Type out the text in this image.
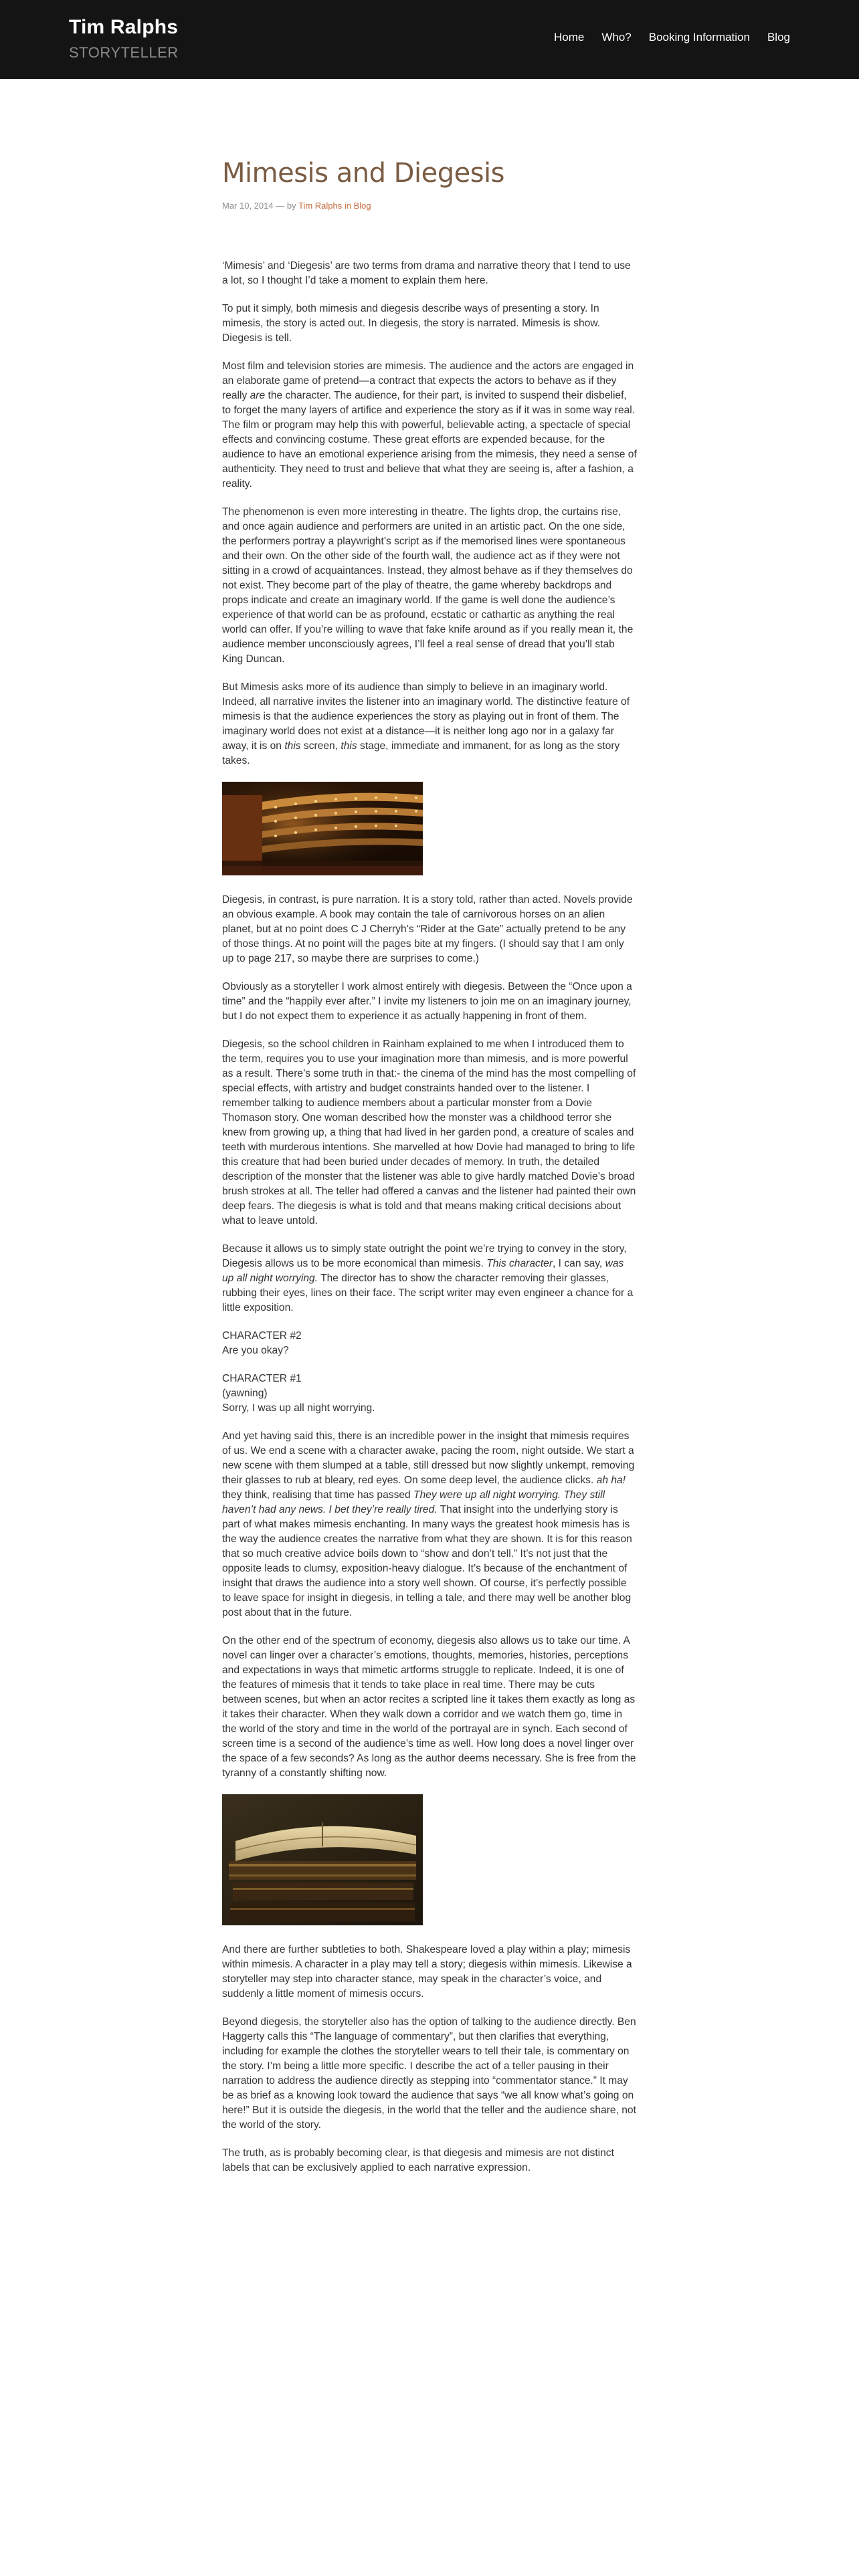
Tim Ralphs
STORYTELLER
Home Who? Booking Information Blog
Mimesis and Diegesis
Mar 10, 2014 — by Tim Ralphs in Blog

‘Mimesis’ and ‘Diegesis’ are two terms from drama and narrative theory that I tend to use a lot, so I thought I’d take a moment to explain them here.

To put it simply, both mimesis and diegesis describe ways of presenting a story. In mimesis, the story is acted out. In diegesis, the story is narrated. Mimesis is show. Diegesis is tell.

Most film and television stories are mimesis. The audience and the actors are engaged in an elaborate game of pretend—a contract that expects the actors to behave as if they really are the character. The audience, for their part, is invited to suspend their disbelief, to forget the many layers of artifice and experience the story as if it was in some way real. The film or program may help this with powerful, believable acting, a spectacle of special effects and convincing costume. These great efforts are expended because, for the audience to have an emotional experience arising from the mimesis, they need a sense of authenticity. They need to trust and believe that what they are seeing is, after a fashion, a reality.

The phenomenon is even more interesting in theatre. The lights drop, the curtains rise, and once again audience and performers are united in an artistic pact. On the one side, the performers portray a playwright’s script as if the memorised lines were spontaneous and their own. On the other side of the fourth wall, the audience act as if they were not sitting in a crowd of acquaintances. Instead, they almost behave as if they themselves do not exist. They become part of the play of theatre, the game whereby backdrops and props indicate and create an imaginary world. If the game is well done the audience’s experience of that world can be as profound, ecstatic or cathartic as anything the real world can offer. If you’re willing to wave that fake knife around as if you really mean it, the audience member unconsciously agrees, I’ll feel a real sense of dread that you’ll stab King Duncan.

But Mimesis asks more of its audience than simply to believe in an imaginary world. Indeed, all narrative invites the listener into an imaginary world. The distinctive feature of mimesis is that the audience experiences the story as playing out in front of them. The imaginary world does not exist at a distance—it is neither long ago nor in a galaxy far away, it is on this screen, this stage, immediate and immanent, for as long as the story takes.

Diegesis, in contrast, is pure narration. It is a story told, rather than acted. Novels provide an obvious example. A book may contain the tale of carnivorous horses on an alien planet, but at no point does C J Cherryh’s “Rider at the Gate” actually pretend to be any of those things. At no point will the pages bite at my fingers. (I should say that I am only up to page 217, so maybe there are surprises to come.)

Obviously as a storyteller I work almost entirely with diegesis. Between the “Once upon a time” and the “happily ever after.” I invite my listeners to join me on an imaginary journey, but I do not expect them to experience it as actually happening in front of them.

Diegesis, so the school children in Rainham explained to me when I introduced them to the term, requires you to use your imagination more than mimesis, and is more powerful as a result. There’s some truth in that:- the cinema of the mind has the most compelling of special effects, with artistry and budget constraints handed over to the listener. I remember talking to audience members about a particular monster from a Dovie Thomason story. One woman described how the monster was a childhood terror she knew from growing up, a thing that had lived in her garden pond, a creature of scales and teeth with murderous intentions. She marvelled at how Dovie had managed to bring to life this creature that had been buried under decades of memory. In truth, the detailed description of the monster that the listener was able to give hardly matched Dovie’s broad brush strokes at all. The teller had offered a canvas and the listener had painted their own deep fears. The diegesis is what is told and that means making critical decisions about what to leave untold.

Because it allows us to simply state outright the point we’re trying to convey in the story, Diegesis allows us to be more economical than mimesis. This character, I can say, was up all night worrying. The director has to show the character removing their glasses, rubbing their eyes, lines on their face. The script writer may even engineer a chance for a little exposition.

CHARACTER #2
Are you okay?

CHARACTER #1
(yawning)
Sorry, I was up all night worrying.

And yet having said this, there is an incredible power in the insight that mimesis requires of us. We end a scene with a character awake, pacing the room, night outside. We start a new scene with them slumped at a table, still dressed but now slightly unkempt, removing their glasses to rub at bleary, red eyes. On some deep level, the audience clicks. ah ha! they think, realising that time has passed They were up all night worrying. They still haven’t had any news. I bet they’re really tired. That insight into the underlying story is part of what makes mimesis enchanting. In many ways the greatest hook mimesis has is the way the audience creates the narrative from what they are shown. It is for this reason that so much creative advice boils down to “show and don’t tell.” It’s not just that the opposite leads to clumsy, exposition-heavy dialogue. It’s because of the enchantment of insight that draws the audience into a story well shown. Of course, it’s perfectly possible to leave space for insight in diegesis, in telling a tale, and there may well be another blog post about that in the future.

On the other end of the spectrum of economy, diegesis also allows us to take our time. A novel can linger over a character’s emotions, thoughts, memories, histories, perceptions and expectations in ways that mimetic artforms struggle to replicate. Indeed, it is one of the features of mimesis that it tends to take place in real time. There may be cuts between scenes, but when an actor recites a scripted line it takes them exactly as long as it takes their character. When they walk down a corridor and we watch them go, time in the world of the story and time in the world of the portrayal are in synch. Each second of screen time is a second of the audience’s time as well. How long does a novel linger over the space of a few seconds? As long as the author deems necessary. She is free from the tyranny of a constantly shifting now.

And there are further subtleties to both. Shakespeare loved a play within a play; mimesis within mimesis. A character in a play may tell a story; diegesis within mimesis. Likewise a storyteller may step into character stance, may speak in the character’s voice, and suddenly a little moment of mimesis occurs.

Beyond diegesis, the storyteller also has the option of talking to the audience directly. Ben Haggerty calls this “The language of commentary”, but then clarifies that everything, including for example the clothes the storyteller wears to tell their tale, is commentary on the story. I’m being a little more specific. I describe the act of a teller pausing in their narration to address the audience directly as stepping into “commentator stance.” It may be as brief as a knowing look toward the audience that says “we all know what’s going on here!” But it is outside the diegesis, in the world that the teller and the audience share, not the world of the story.

The truth, as is probably becoming clear, is that diegesis and mimesis are not distinct labels that can be exclusively applied to each narrative expression.
